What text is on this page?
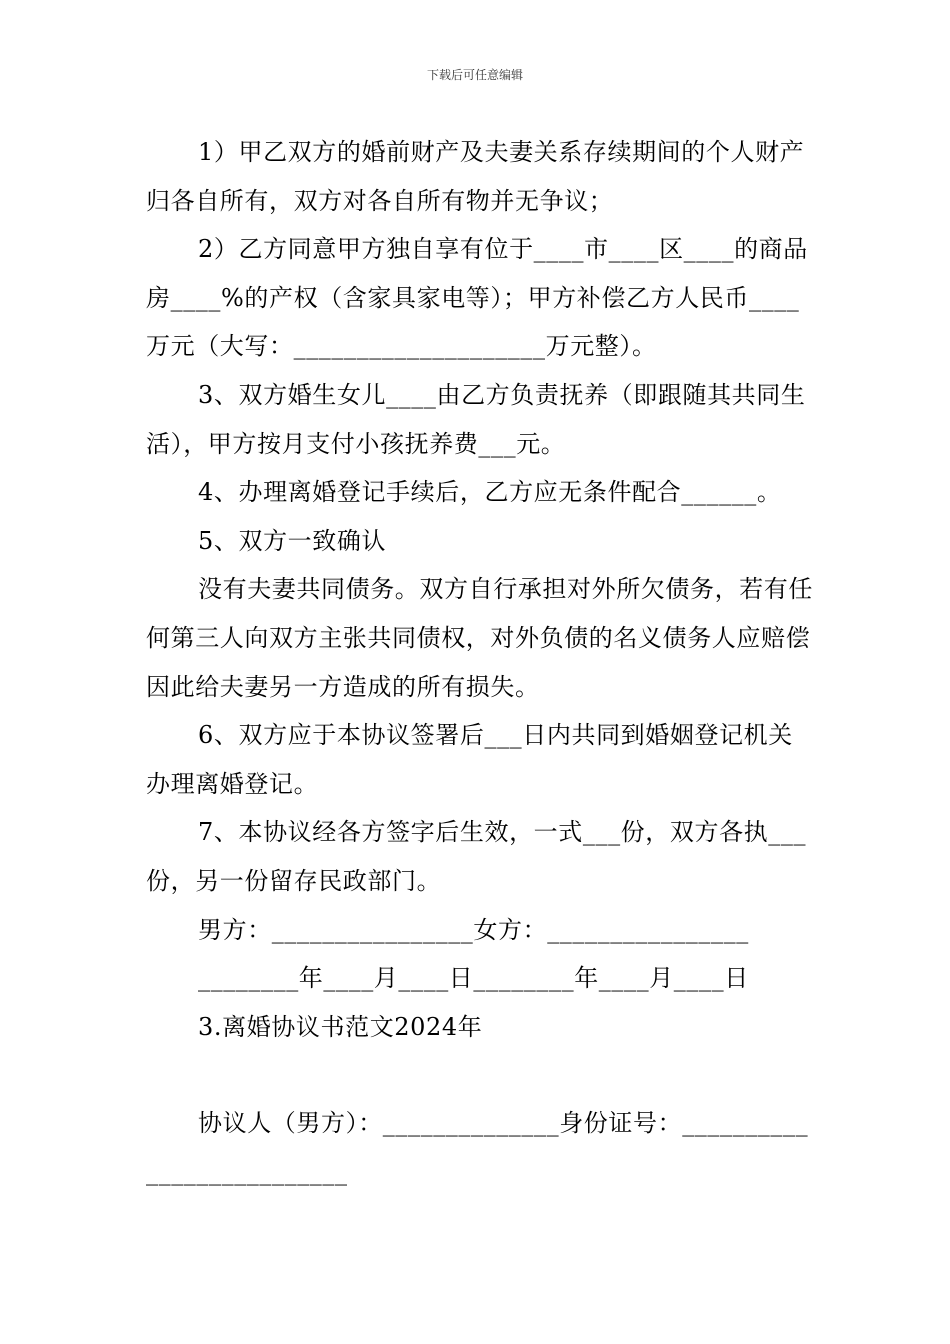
下载后可任意编辑

1）甲乙双方的婚前财产及夫妻关系存续期间的个人财产归各自所有，双方对各自所有物并无争议；

2）乙方同意甲方独自享有位于____市____区____的商品房____%的产权（含家具家电等）；甲方补偿乙方人民币____万元（大写：____________________万元整）。

3、双方婚生女儿____由乙方负责抚养（即跟随其共同生活），甲方按月支付小孩抚养费___元。

4、办理离婚登记手续后，乙方应无条件配合______。

5、双方一致确认

没有夫妻共同债务。双方自行承担对外所欠债务，若有任何第三人向双方主张共同债权，对外负债的名义债务人应赔偿因此给夫妻另一方造成的所有损失。

6、双方应于本协议签署后___日内共同到婚姻登记机关办理离婚登记。

7、本协议经各方签字后生效，一式___份，双方各执___份，另一份留存民政部门。

男方：________________女方：________________

________年____月____日________年____月____日

3.离婚协议书范文2024年

协议人（男方）：______________身份证号：__________________________
